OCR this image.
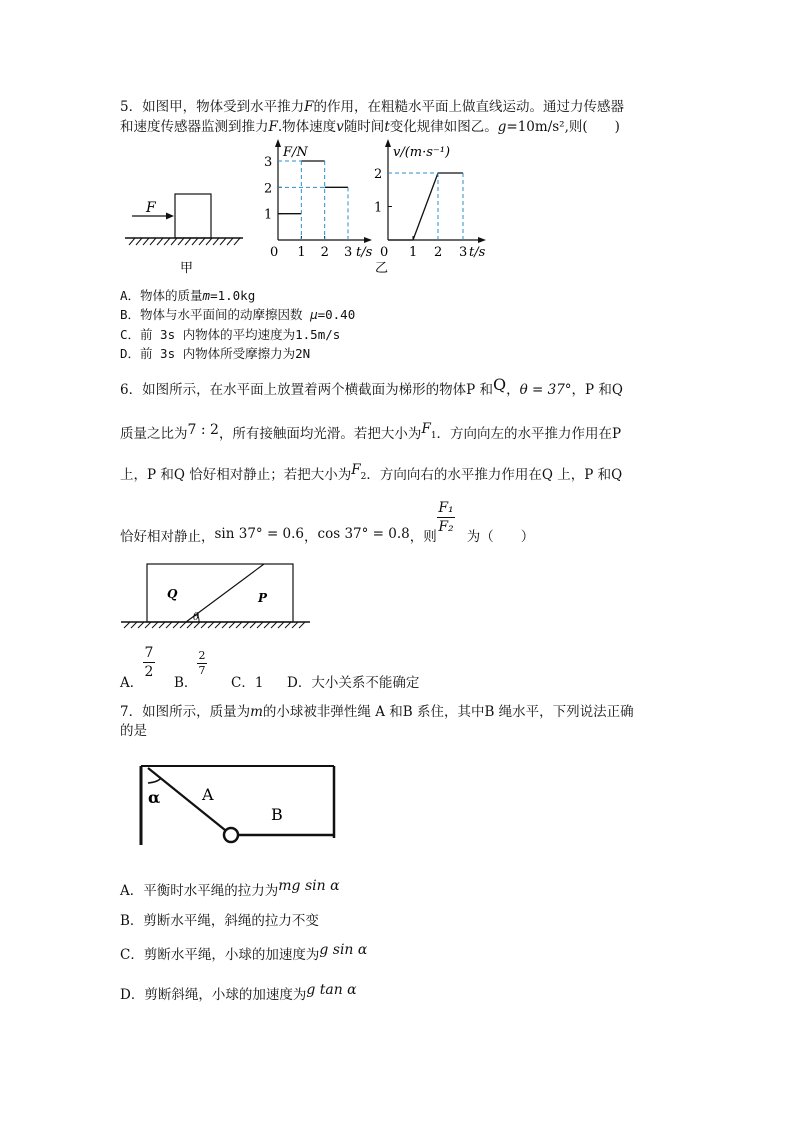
5．如图甲，物体受到水平推力F的作用，在粗糙水平面上做直线运动。通过力传感器
和速度传感器监测到推力F.物体速度v随时间t变化规律如图乙。g=10m/s²,则(　　)
F
甲
F/N
t/s
0 1 2 3
1
2
3
v/(m·s⁻¹)
t/s
0 1 2 3
1
2
乙
A．物体的质量m=1.0kg
B．物体与水平面间的动摩擦因数 μ=0.40
C．前 3s 内物体的平均速度为1.5m/s
D．前 3s 内物体所受摩擦力为2N
6．如图所示，在水平面上放置着两个横截面为梯形的物体P 和Q，θ = 37°，P 和Q
质量之比为7 : 2，所有接触面均光滑。若把大小为$F_1$．方向向左的水平推力作用在P
上，P 和Q 恰好相对静止；若把大小为$F_2$．方向向右的水平推力作用在Q 上，P 和Q
恰好相对静止，sin 37° = 0.6，cos 37° = 0.8，则 为（　　）
F₁
F₂
Q	P
θ
A．
7
2
B．
2
7
C．1 D．大小关系不能确定
7．如图所示，质量为m的小球被非弹性绳 A 和B 系住，其中B 绳水平，下列说法正确
的是
α	A
B
A．平衡时水平绳的拉力为mg sin α
B．剪断水平绳，斜绳的拉力不变
C．剪断水平绳，小球的加速度为g sin α
D．剪断斜绳，小球的加速度为g tan α
